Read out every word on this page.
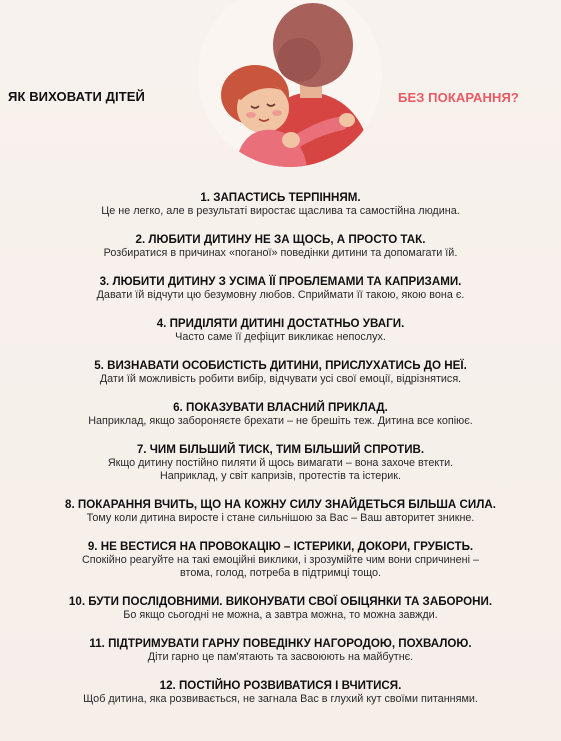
ЯК ВИХОВАТИ ДІТЕЙ	БЕЗ ПОКАРАННЯ?
1. ЗАПАСТИСЬ ТЕРПІННЯМ.
Це не легко, але в результаті виростає щаслива та самостійна людина.
2. ЛЮБИТИ ДИТИНУ НЕ ЗА ЩОСЬ, А ПРОСТО ТАК.
Розбиратися в причинах «поганої» поведінки дитини та допомагати їй.
3. ЛЮБИТИ ДИТИНУ З УСІМА ЇЇ ПРОБЛЕМАМИ ТА КАПРИЗАМИ.
Давати їй відчути цю безумовну любов. Сприймати її такою, якою вона є.
4. ПРИДІЛЯТИ ДИТИНІ ДОСТАТНЬО УВАГИ.
Часто саме її дефіцит викликає непослух.
5. ВИЗНАВАТИ ОСОБИСТІСТЬ ДИТИНИ, ПРИСЛУХАТИСЬ ДО НЕЇ.
Дати їй можливість робити вибір, відчувати усі свої емоції, відрізнятися.
6. ПОКАЗУВАТИ ВЛАСНИЙ ПРИКЛАД.
Наприклад, якщо забороняєте брехати – не брешіть теж. Дитина все копіює.
7. ЧИМ БІЛЬШИЙ ТИСК, ТИМ БІЛЬШИЙ СПРОТИВ.
Якщо дитину постійно пиляти й щось вимагати – вона захоче втекти.
Наприклад, у світ капризів, протестів та істерик.
8. ПОКАРАННЯ ВЧИТЬ, ЩО НА КОЖНУ СИЛУ ЗНАЙДЕТЬСЯ БІЛЬША СИЛА.
Тому коли дитина виросте і стане сильнішою за Вас – Ваш авторитет зникне.
9. НЕ ВЕСТИСЯ НА ПРОВОКАЦІЮ – ІСТЕРИКИ, ДОКОРИ, ГРУБІСТЬ.
Спокійно реагуйте на такі емоційні виклики, і зрозумійте чим вони спричинені –
втома, голод, потреба в підтримці тощо.
10. БУТИ ПОСЛІДОВНИМИ. ВИКОНУВАТИ СВОЇ ОБІЦЯНКИ ТА ЗАБОРОНИ.
Бо якщо сьогодні не можна, а завтра можна, то можна завжди.
11. ПІДТРИМУВАТИ ГАРНУ ПОВЕДІНКУ НАГОРОДОЮ, ПОХВАЛОЮ.
Діти гарно це пам'ятають та засвоюють на майбутнє.
12. ПОСТІЙНО РОЗВИВАТИСЯ І ВЧИТИСЯ.
Щоб дитина, яка розвивається, не загнала Вас в глухий кут своїми питаннями.
